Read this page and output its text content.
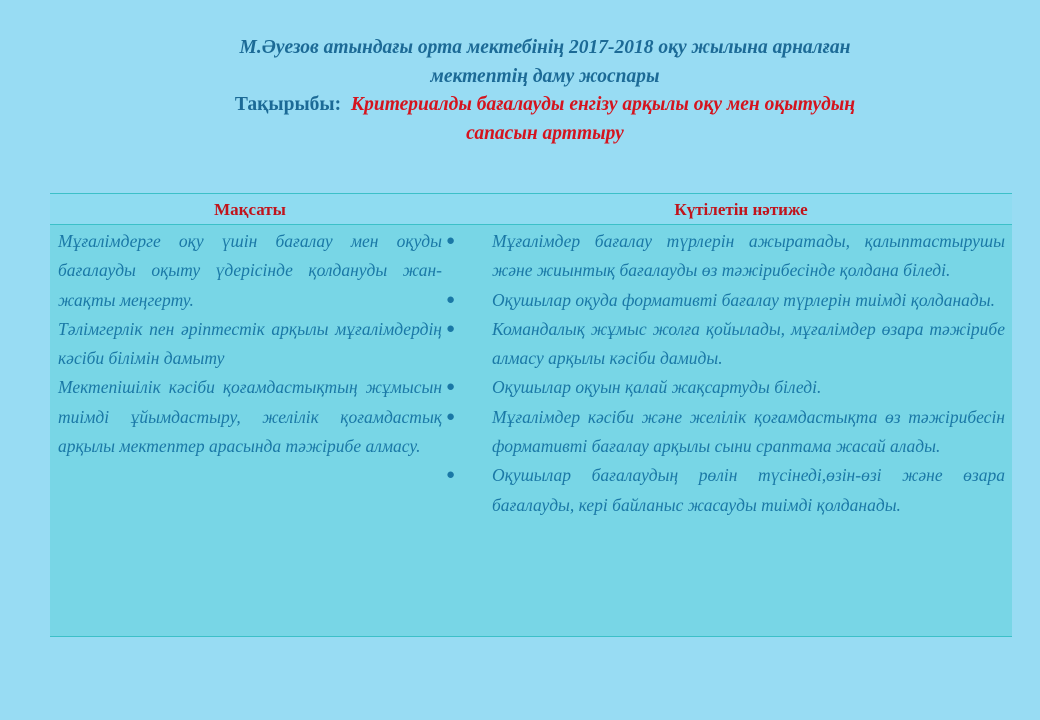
М.Әуезов атындағы орта мектебінің 2017-2018 оқу жылына арналған
мектептің даму жоспары
Тақырыбы: Критериалды бағалауды енгізу арқылы оқу мен оқытудың
сапасын арттыру
Мақсаты	Күтілетін нәтиже

Мұғалімдерге оқу үшін бағалау мен оқуды бағалауды оқыту үдерісінде қолдануды жан-жақты меңгерту.

Тәлімгерлік пен әріптестік арқылы мұғалімдердің кәсіби білімін дамыту

Мектепішілік кәсіби қоғамдастықтың жұмысын тиімді ұйымдастыру, желілік қоғамдастық арқылы мектептер арасында тәжірибе алмасу.

● Мұғалімдер бағалау түрлерін ажыратады, қалыптастырушы және жиынтық бағалауды өз тәжірибесінде қолдана біледі.
● Оқушылар оқуда формативті бағалау түрлерін тиімді қолданады.
● Командалық жұмыс жолға қойылады, мұғалімдер өзара тәжірибе алмасу арқылы кәсіби дамиды.
● Оқушылар оқуын қалай жақсартуды біледі.
● Мұғалімдер кәсіби және желілік қоғамдастықта өз тәжірибесін формативті бағалау арқылы сыни сраптама жасай алады.
● Оқушылар бағалаудың рөлін түсінеді,өзін-өзі және өзара бағалауды, кері байланыс жасауды тиімді қолданады.
